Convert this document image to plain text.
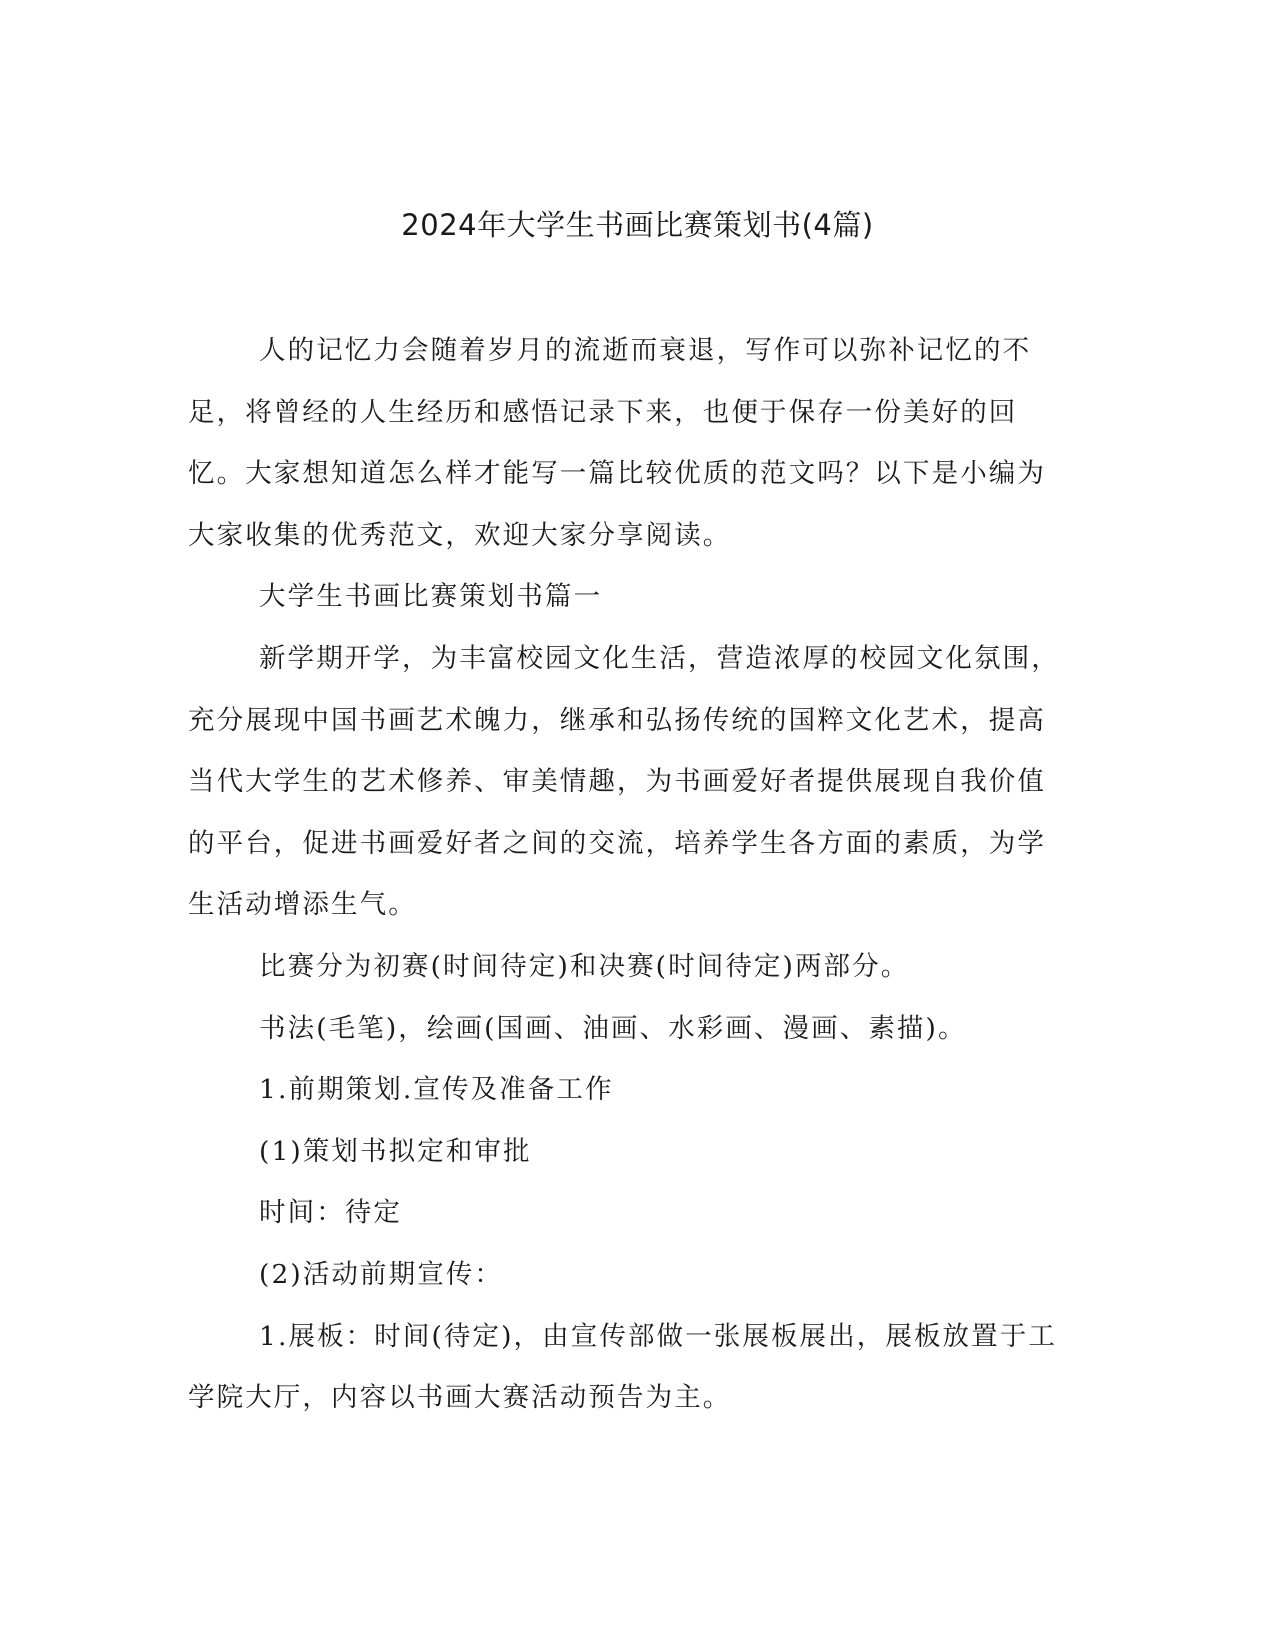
2024年大学生书画比赛策划书(4篇)

人的记忆力会随着岁月的流逝而衰退，写作可以弥补记忆的不足，将曾经的人生经历和感悟记录下来，也便于保存一份美好的回忆。大家想知道怎么样才能写一篇比较优质的范文吗？以下是小编为大家收集的优秀范文，欢迎大家分享阅读。

大学生书画比赛策划书篇一

新学期开学，为丰富校园文化生活，营造浓厚的校园文化氛围，充分展现中国书画艺术魄力，继承和弘扬传统的国粹文化艺术，提高当代大学生的艺术修养、审美情趣，为书画爱好者提供展现自我价值的平台，促进书画爱好者之间的交流，培养学生各方面的素质，为学生活动增添生气。

比赛分为初赛(时间待定)和决赛(时间待定)两部分。

书法(毛笔)，绘画(国画、油画、水彩画、漫画、素描)。

1.前期策划.宣传及准备工作

(1)策划书拟定和审批

时间：待定

(2)活动前期宣传：

1.展板：时间(待定)，由宣传部做一张展板展出，展板放置于工学院大厅，内容以书画大赛活动预告为主。
